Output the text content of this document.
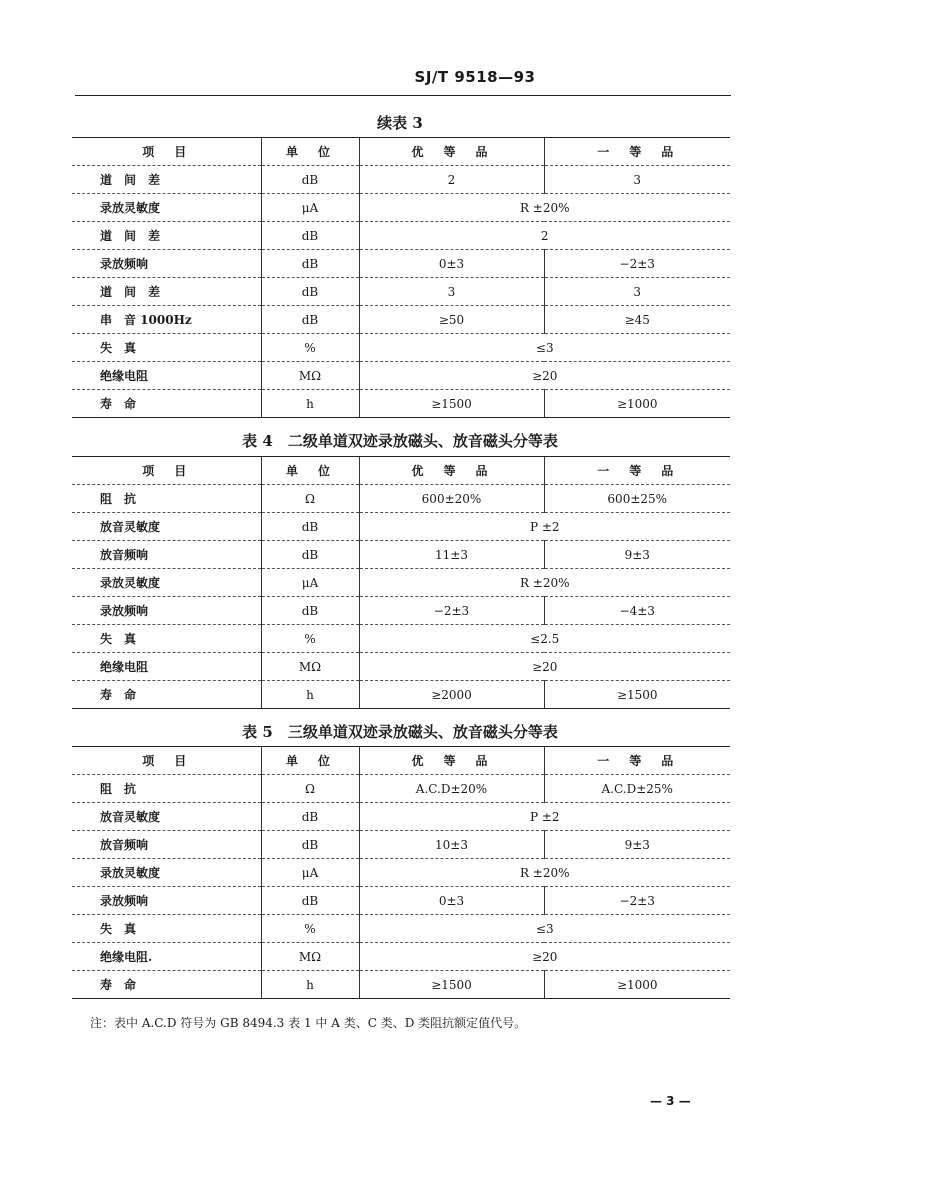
SJ/T 9518—93
续表 3
项　目	单　位	优　等　品	一　等　品
道　间　差	dB	2	3
录放灵敏度	μA	R ±20%	
道　间　差	dB	2	
录放频响	dB	0±3	−2±3
道　间　差	dB	3	3
串　音 1000Hz	dB	≥50	≥45
失　真	%	≤3	
绝缘电阻	MΩ	≥20	
寿　命	h	≥1500	≥1000
表 4　二级单道双迹录放磁头、放音磁头分等表
项　目	单　位	优　等　品	一　等　品
阻　抗	Ω	600±20%	600±25%
放音灵敏度	dB	P ±2	
放音频响	dB	11±3	9±3
录放灵敏度	μA	R ±20%	
录放频响	dB	−2±3	−4±3
失　真	%	≤2.5	
绝缘电阻	MΩ	≥20	
寿　命	h	≥2000	≥1500
表 5　三级单道双迹录放磁头、放音磁头分等表
项　目	单　位	优　等　品	一　等　品
阻　抗	Ω	A.C.D±20%	A.C.D±25%
放音灵敏度	dB	P ±2	
放音频响	dB	10±3	9±3
录放灵敏度	μA	R ±20%	
录放频响	dB	0±3	−2±3
失　真	%	≤3	
绝缘电阻.	MΩ	≥20	
寿　命	h	≥1500	≥1000
注：表中 A.C.D 符号为 GB 8494.3 表 1 中 A 类、C 类、D 类阻抗额定值代号。
— 3 —
